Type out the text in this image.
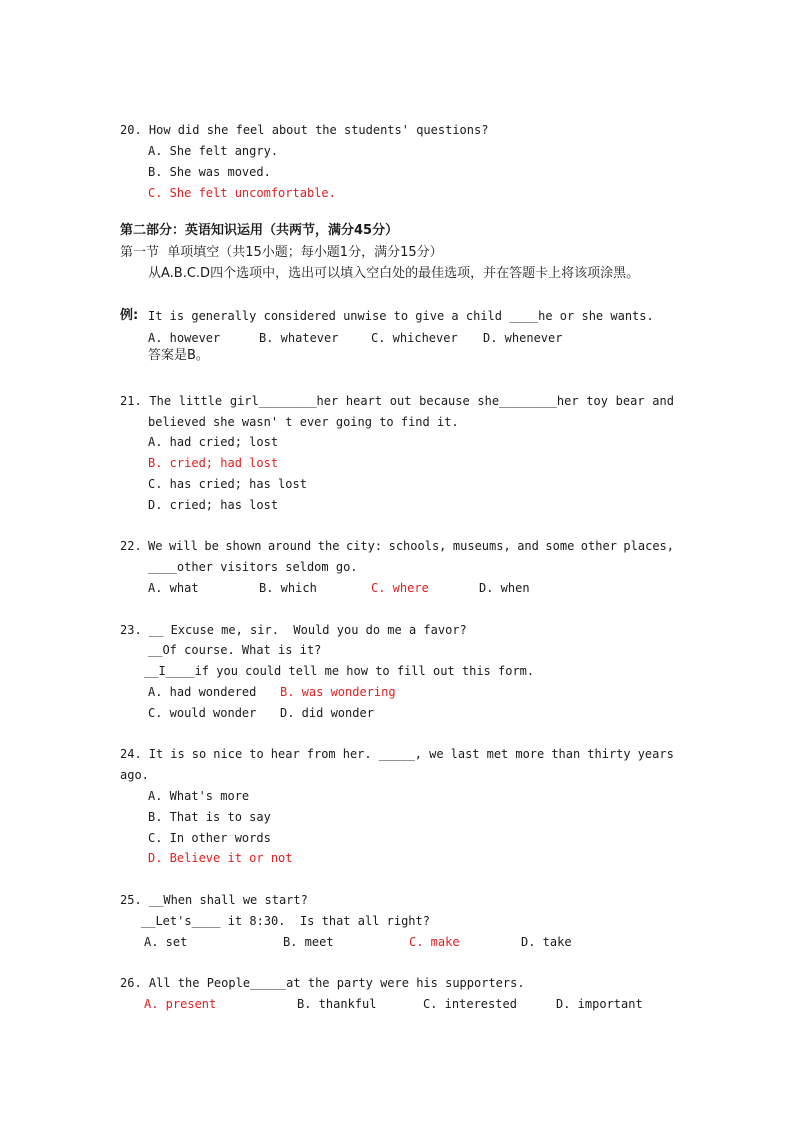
20. How did she feel about the students' questions?
A. She felt angry.
B. She was moved.
C. She felt uncomfortable.
第二部分：英语知识运用（共两节，满分45分）
第一节  单项填空（共15小题；每小题1分，满分15分）
从A.B.C.D四个选项中，选出可以填入空白处的最佳选项，并在答题卡上将该项涂黑。
例: It is generally considered unwise to give a child ____he or she wants.
A. however	B. whatever	C. whichever D. whenever
答案是B。
21. The little girl________her heart out because she________her toy bear and
believed she wasn' t ever going to find it.
A. had cried; lost
B. cried; had lost
C. has cried; has lost
D. cried; has lost
22. We will be shown around the city: schools, museums, and some other places,
____other visitors seldom go.
A. what	B. which	C. where	D. when
23. __ Excuse me, sir.  Would you do me a favor?
__Of course. What is it?
__I____if you could tell me how to fill out this form.
A. had wondered B. was wondering
C. would wonder D. did wonder
24. It is so nice to hear from her. _____, we last met more than thirty years
ago.
A. What's more
B. That is to say
C. In other words
D. Believe it or not
25. __When shall we start?
__Let's____ it 8:30.  Is that all right?
A. set	B. meet	C. make	D. take
26. All the People_____at the party were his supporters.
A. present	B. thankful	C. interested	D. important
